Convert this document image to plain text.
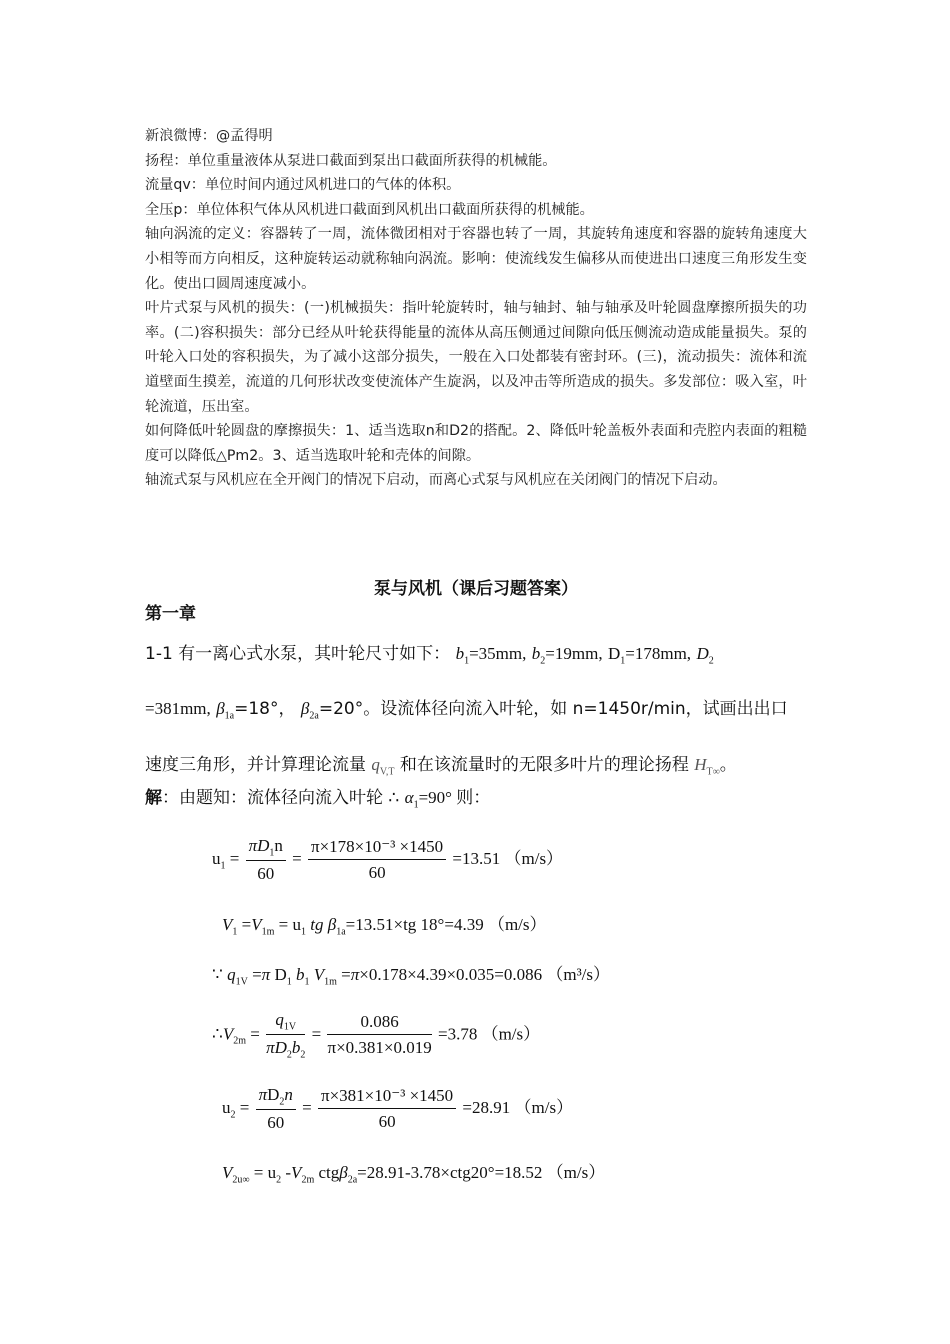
新浪微博：@孟得明

扬程：单位重量液体从泵进口截面到泵出口截面所获得的机械能。

流量qv：单位时间内通过风机进口的气体的体积。

全压p：单位体积气体从风机进口截面到风机出口截面所获得的机械能。

轴向涡流的定义：容器转了一周，流体微团相对于容器也转了一周，其旋转角速度和容器的旋转角速度大小相等而方向相反，这种旋转运动就称轴向涡流。影响：使流线发生偏移从而使进出口速度三角形发生变化。使出口圆周速度减小。

叶片式泵与风机的损失：(一)机械损失：指叶轮旋转时，轴与轴封、轴与轴承及叶轮圆盘摩擦所损失的功率。(二)容积损失：部分已经从叶轮获得能量的流体从高压侧通过间隙向低压侧流动造成能量损失。泵的叶轮入口处的容积损失，为了减小这部分损失，一般在入口处都装有密封环。(三)，流动损失：流体和流道壁面生摸差，流道的几何形状改变使流体产生旋涡，以及冲击等所造成的损失。多发部位：吸入室，叶轮流道，压出室。

如何降低叶轮圆盘的摩擦损失：1、适当选取n和D2的搭配。2、降低叶轮盖板外表面和壳腔内表面的粗糙度可以降低△Pm2。3、适当选取叶轮和壳体的间隙。

轴流式泵与风机应在全开阀门的情况下启动，而离心式泵与风机应在关闭阀门的情况下启动。

泵与风机（课后习题答案）
第一章

1-1 有一离心式水泵，其叶轮尺寸如下： $b_1=35mm$, $b_2=19mm$, $D_1=178mm$, $D_2$

=381mm, $\beta_{1a}=18^\circ$， $\beta_{2a}=20^\circ$。设流体径向流入叶轮，如 n=1450r/min，试画出出口

速度三角形，并计算理论流量 $q_{V,T}$ 和在该流量时的无限多叶片的理论扬程 $H_{T\infty}$。

解：由题知：流体径向流入叶轮 ∴ $\alpha_1=90^\circ$ 则：
$u_1 = \frac{\pi D_1n}{60} = \frac{\text{π×178×10⁻³ ×1450}}{60} =13.51$ （m/s）
$V_1 =V_{1m} = u_1$ tg $\beta_{1a}=13.51\times tg$ 18°=4.39 （m/s）
∵ $q_{1V} =\pi$ $D_1$ $b_1$ $V_{1m} =\pi\times 0.178\times 4.39\times 0.035=0.086$ （m³/s）
$\therefore V_{2m} = \frac{q_{1V}}{\pi D_2b_2} = \frac{0.086}{\pi\times 0.381\times 0.019} =3.78$ （m/s）
$u_2 = \frac{\pi D_2n}{60} = \frac{\text{π×381×10⁻³ ×1450}}{60} =28.91$ （m/s）
$V_{2u\infty} = u_2$ $-V_{2m}$ ctgβ$_{2a}$=28.91-3.78×ctg20°=18.52 （m/s）
